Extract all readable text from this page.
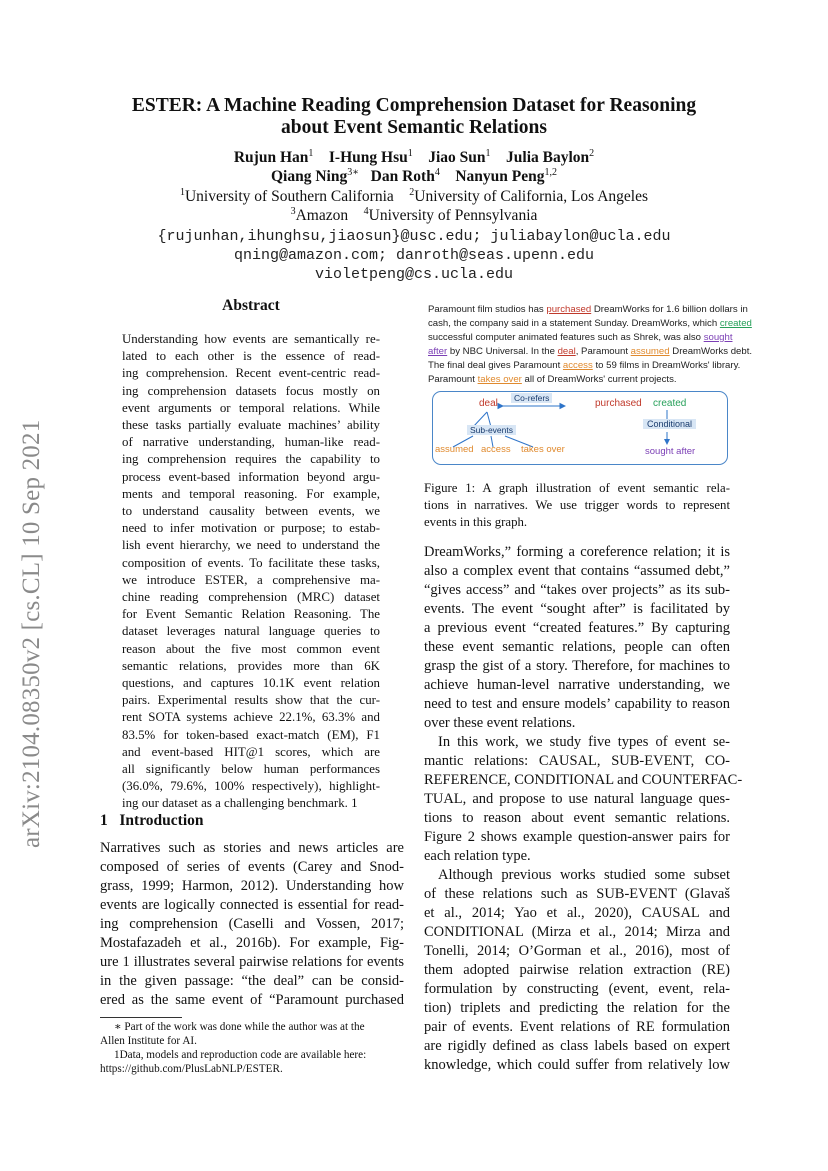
arXiv:2104.08350v2 [cs.CL] 10 Sep 2021
ESTER: A Machine Reading Comprehension Dataset for Reasoning
about Event Semantic Relations
Rujun Han$^1$ I-Hung Hsu$^1$ Jiao Sun$^1$ Julia Baylon$^2$
Qiang Ning$^{3∗}$ Dan Roth$^4$ Nanyun Peng$^{1,2}$
$^1$University of Southern California $^2$University of California, Los Angeles
$^3$Amazon $^4$University of Pennsylvania
{rujunhan,ihunghsu,jiaosun}@usc.edu; juliabaylon@ucla.edu
qning@amazon.com; danroth@seas.upenn.edu
violetpeng@cs.ucla.edu
Abstract
Understanding how events are semantically re-
lated to each other is the essence of read-
ing comprehension. Recent event-centric read-
ing comprehension datasets focus mostly on
event arguments or temporal relations. While
these tasks partially evaluate machines’ ability
of narrative understanding, human-like read-
ing comprehension requires the capability to
process event-based information beyond argu-
ments and temporal reasoning. For example,
to understand causality between events, we
need to infer motivation or purpose; to estab-
lish event hierarchy, we need to understand the
composition of events. To facilitate these tasks,
we introduce ESTER, a comprehensive ma-
chine reading comprehension (MRC) dataset
for Event Semantic Relation Reasoning. The
dataset leverages natural language queries to
reason about the five most common event
semantic relations, provides more than 6K
questions, and captures 10.1K event relation
pairs. Experimental results show that the cur-
rent SOTA systems achieve 22.1%, 63.3% and
83.5% for token-based exact-match (EM), F1
and event-based HIT@1 scores, which are
all significantly below human performances
(36.0%, 79.6%, 100% respectively), highlight-
ing our dataset as a challenging benchmark. 1
1 Introduction
Narratives such as stories and news articles are
composed of series of events (Carey and Snod-
grass, 1999; Harmon, 2012). Understanding how
events are logically connected is essential for read-
ing comprehension (Caselli and Vossen, 2017;
Mostafazadeh et al., 2016b). For example, Fig-
ure 1 illustrates several pairwise relations for events
in the given passage: “the deal” can be consid-
ered as the same event of “Paramount purchased
∗ Part of the work was done while the author was at the
Allen Institute for AI.
1Data, models and reproduction code are available here:
https://github.com/PlusLabNLP/ESTER.
Paramount film studios has purchased DreamWorks for 1.6 billion dollars in
cash, the company said in a statement Sunday. DreamWorks, which created
successful computer animated features such as Shrek, was also sought
after by NBC Universal. In the deal, Paramount assumed DreamWorks debt.
The final deal gives Paramount access to 59 films in DreamWorks' library.
Paramount takes over all of DreamWorks' current projects.
deal	Co-refers	purchased created
Conditional
sought after
Sub-events
assumed access takes over
Figure 1: A graph illustration of event semantic rela-
tions in narratives. We use trigger words to represent
events in this graph.
DreamWorks,” forming a coreference relation; it is
also a complex event that contains “assumed debt,”
“gives access” and “takes over projects” as its sub-
events. The event “sought after” is facilitated by
a previous event “created features.” By capturing
these event semantic relations, people can often
grasp the gist of a story. Therefore, for machines to
achieve human-level narrative understanding, we
need to test and ensure models’ capability to reason
over these event relations.
In this work, we study five types of event se-
mantic relations: CAUSAL, SUB-EVENT, CO-
REFERENCE, CONDITIONAL and COUNTERFAC-
TUAL, and propose to use natural language ques-
tions to reason about event semantic relations.
Figure 2 shows example question-answer pairs for
each relation type.
Although previous works studied some subset
of these relations such as SUB-EVENT (Glavaš
et al., 2014; Yao et al., 2020), CAUSAL and
CONDITIONAL (Mirza et al., 2014; Mirza and
Tonelli, 2014; O’Gorman et al., 2016), most of
them adopted pairwise relation extraction (RE)
formulation by constructing (event, event, rela-
tion) triplets and predicting the relation for the
pair of events. Event relations of RE formulation
are rigidly defined as class labels based on expert
knowledge, which could suffer from relatively low
